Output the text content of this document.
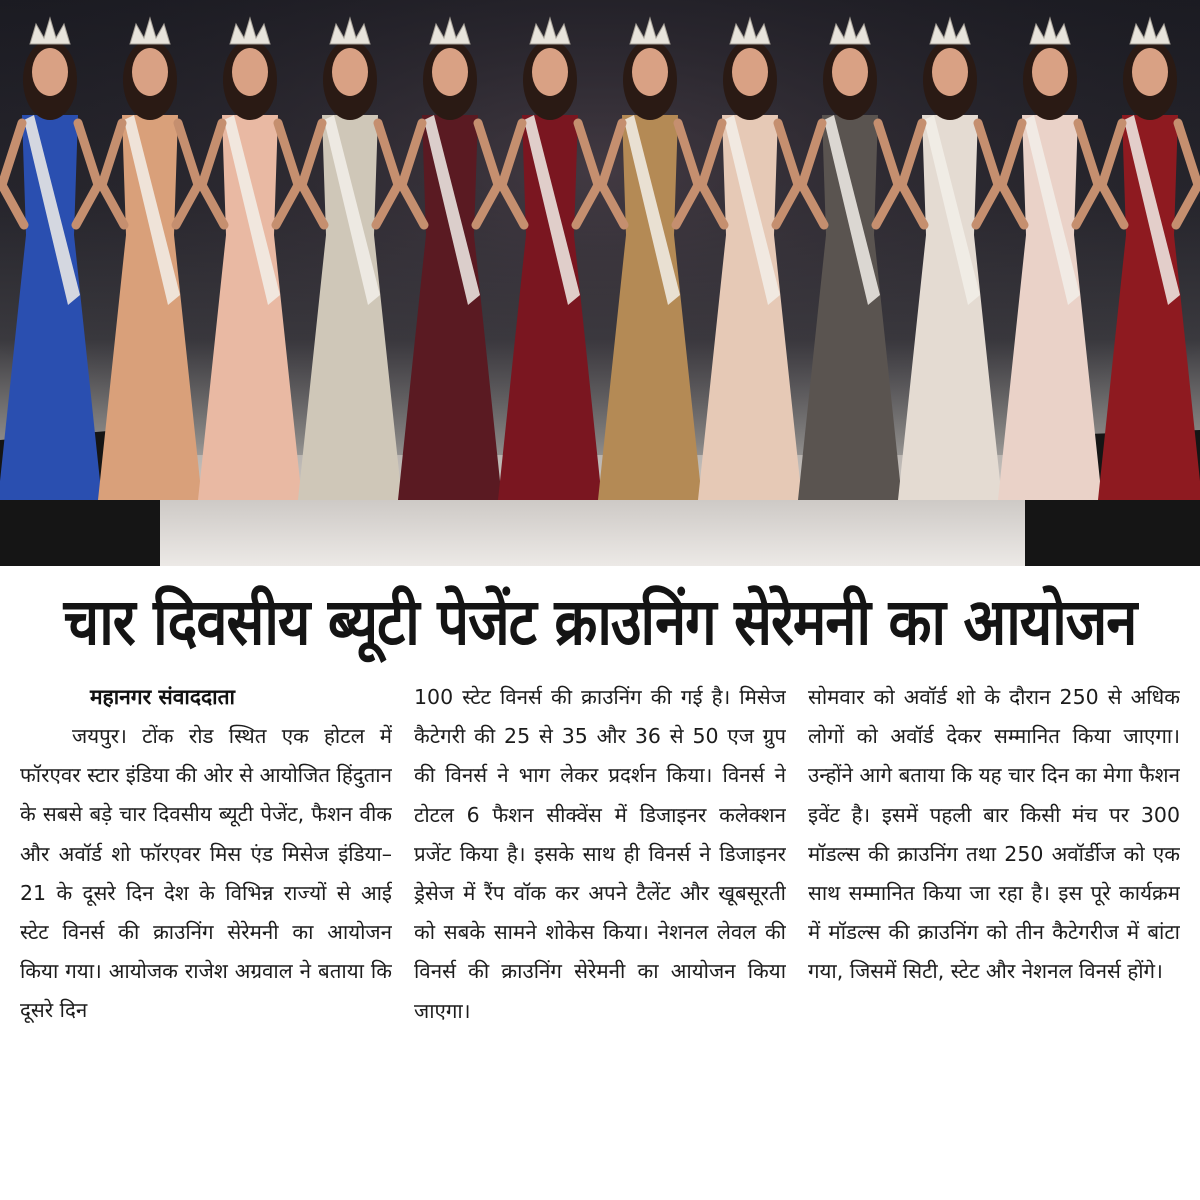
चार दिवसीय ब्यूटी पेजेंट क्राउनिंग सेरेमनी का आयोजन
महानगर संवाददाता

जयपुर। टोंक रोड स्थित एक होटल में फॉरएवर स्टार इंडिया की ओर से आयोजित हिंदुतान के सबसे बड़े चार दिवसीय ब्यूटी पेजेंट, फैशन वीक और अवॉर्ड शो फॉरएवर मिस एंड मिसेज इंडिया–21 के दूसरे दिन देश के विभिन्न राज्यों से आई स्टेट विनर्स की क्राउनिंग सेरेमनी का आयोजन किया गया। आयोजक राजेश अग्रवाल ने बताया कि दूसरे दिन

100 स्टेट विनर्स की क्राउनिंग की गई है। मिसेज कैटेगरी की 25 से 35 और 36 से 50 एज ग्रुप की विनर्स ने भाग लेकर प्रदर्शन किया। विनर्स ने टोटल 6 फैशन सीक्वेंस में डिजाइनर कलेक्शन प्रजेंट किया है। इसके साथ ही विनर्स ने डिजाइनर ड्रेसेज में रैंप वॉक कर अपने टैलेंट और खूबसूरती को सबके सामने शोकेस किया। नेशनल लेवल की विनर्स की क्राउनिंग सेरेमनी का आयोजन किया जाएगा।

सोमवार को अवॉर्ड शो के दौरान 250 से अधिक लोगों को अवॉर्ड देकर सम्मानित किया जाएगा। उन्होंने आगे बताया कि यह चार दिन का मेगा फैशन इवेंट है। इसमें पहली बार किसी मंच पर 300 मॉडल्स की क्राउनिंग तथा 250 अवॉर्डीज को एक साथ सम्मानित किया जा रहा है। इस पूरे कार्यक्रम में मॉडल्स की क्राउनिंग को तीन कैटेगरीज में बांटा गया, जिसमें सिटी, स्टेट और नेशनल विनर्स होंगे।
